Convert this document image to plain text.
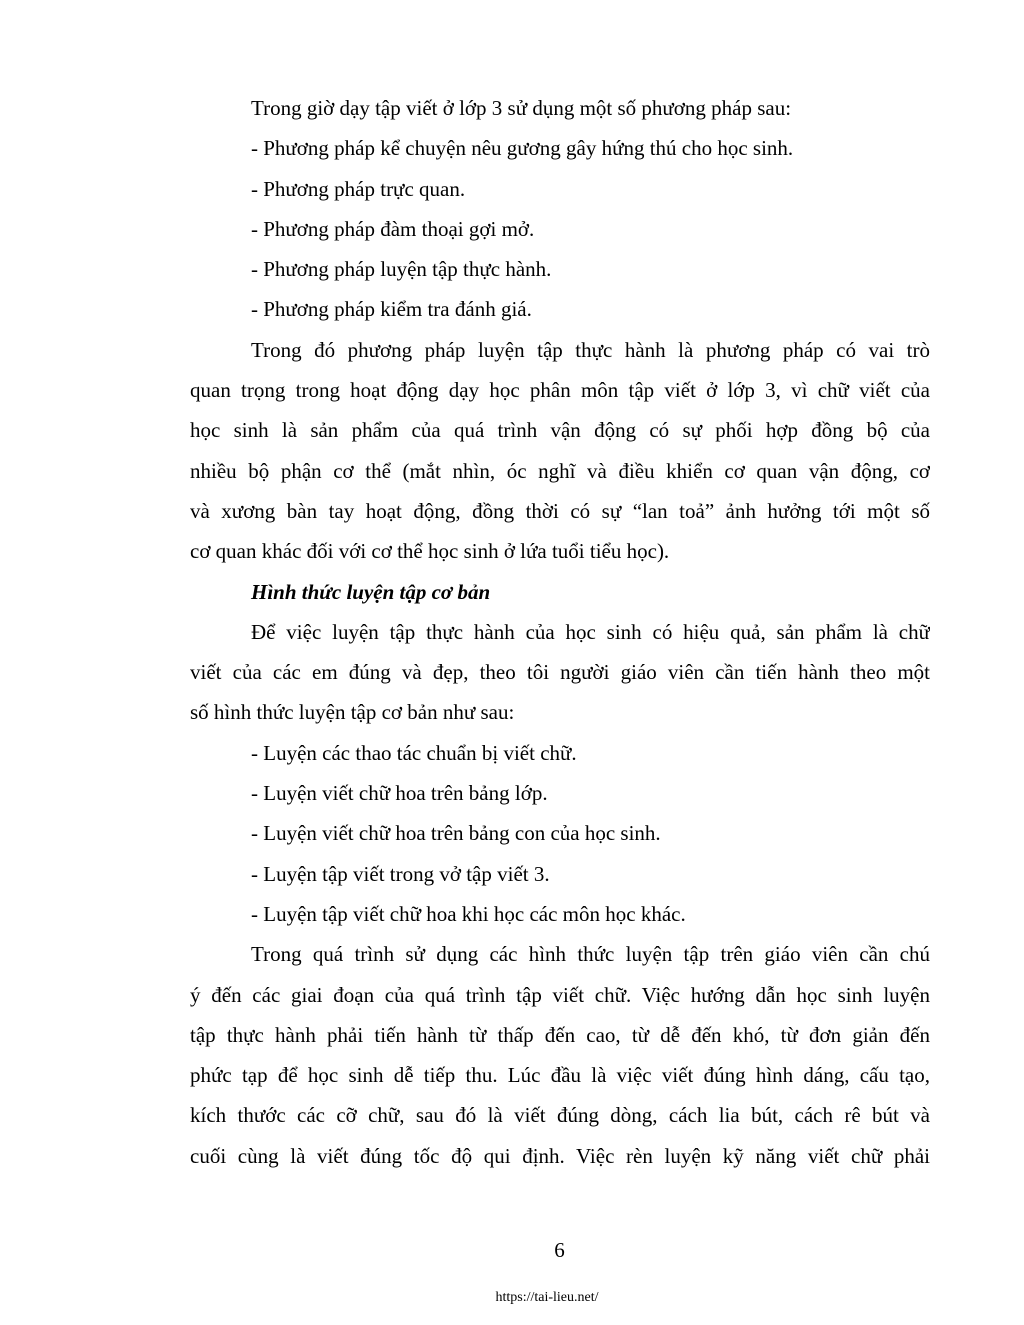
Trong giờ dạy tập viết ở lớp 3 sử dụng một số phương pháp sau:
- Phương pháp kể chuyện nêu gương gây hứng thú cho học sinh.
- Phương pháp trực quan.
- Phương pháp đàm thoại gợi mở.
- Phương pháp luyện tập thực hành.
- Phương pháp kiểm tra đánh giá.
Trong đó phương pháp luyện tập thực hành là phương pháp có vai trò
quan trọng trong hoạt động dạy học phân môn tập viết ở lớp 3, vì chữ viết của
học sinh là sản phẩm của quá trình vận động có sự phối hợp đồng bộ của
nhiều bộ phận cơ thể (mắt nhìn, óc nghĩ và điều khiển cơ quan vận động, cơ
và xương bàn tay hoạt động, đồng thời có sự “lan toả” ảnh hưởng tới một số
cơ quan khác đối với cơ thể học sinh ở lứa tuổi tiểu học).
Hình thức luyện tập cơ bản
Để việc luyện tập thực hành của học sinh có hiệu quả, sản phẩm là chữ
viết của các em đúng và đẹp, theo tôi người giáo viên cần tiến hành theo một
số hình thức luyện tập cơ bản như sau:
- Luyện các thao tác chuẩn bị viết chữ.
- Luyện viết chữ hoa trên bảng lớp.
- Luyện viết chữ hoa trên bảng con của học sinh.
- Luyện tập viết trong vở tập viết 3.
- Luyện tập viết chữ hoa khi học các môn học khác.
Trong quá trình sử dụng các hình thức luyện tập trên giáo viên cần chú
ý đến các giai đoạn của quá trình tập viết chữ. Việc hướng dẫn học sinh luyện
tập thực hành phải tiến hành từ thấp đến cao, từ dễ đến khó, từ đơn giản đến
phức tạp để học sinh dễ tiếp thu. Lúc đầu là việc viết đúng hình dáng, cấu tạo,
kích thước các cỡ chữ, sau đó là viết đúng dòng, cách lia bút, cách rê bút và
cuối cùng là viết đúng tốc độ qui định. Việc rèn luyện kỹ năng viết chữ phải
6
https://tai-lieu.net/
